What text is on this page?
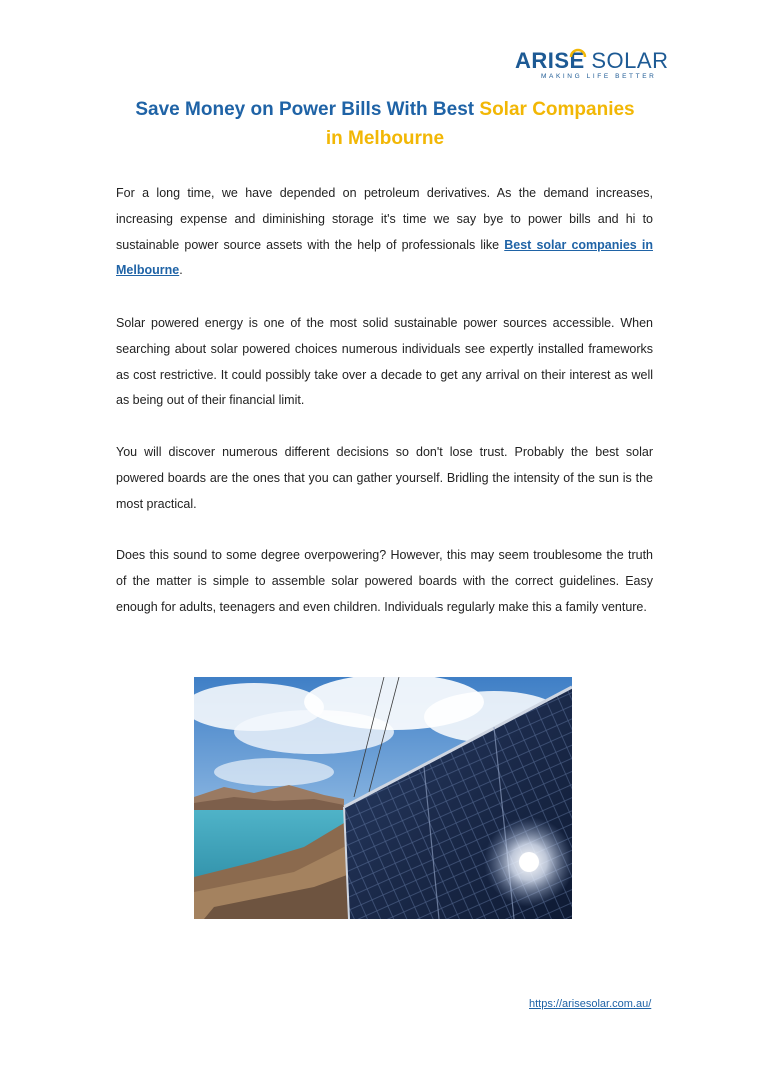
ARISE SOLAR
MAKING LIFE BETTER
Save Money on Power Bills With Best Solar Companies
in Melbourne

For a long time, we have depended on petroleum derivatives. As the demand increases, increasing expense and diminishing storage it's time we say bye to power bills and hi to sustainable power source assets with the help of professionals like Best solar companies in Melbourne.

Solar powered energy is one of the most solid sustainable power sources accessible. When searching about solar powered choices numerous individuals see expertly installed frameworks as cost restrictive. It could possibly take over a decade to get any arrival on their interest as well as being out of their financial limit.

You will discover numerous different decisions so don't lose trust. Probably the best solar powered boards are the ones that you can gather yourself. Bridling the intensity of the sun is the most practical.

Does this sound to some degree overpowering? However, this may seem troublesome the truth of the matter is simple to assemble solar powered boards with the correct guidelines. Easy enough for adults, teenagers and even children. Individuals regularly make this a family venture.

https://arisesolar.com.au/
